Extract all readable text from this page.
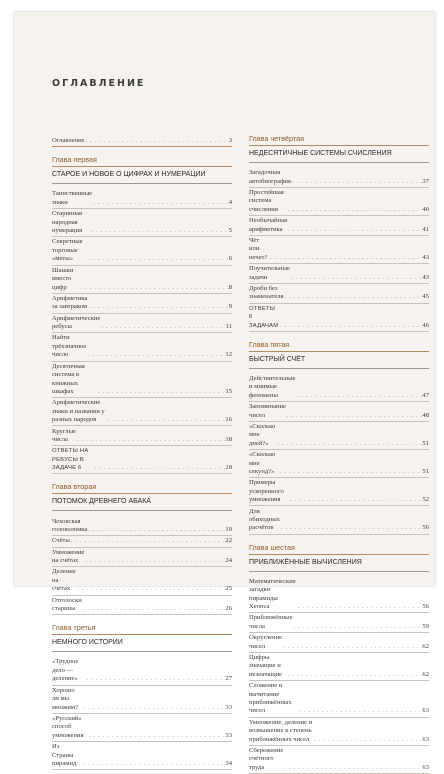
ОГЛАВЛЕНИЕ
Оглавление . . .	3
Глава первая
СТАРОЕ И НОВОЕ О ЦИФРАХ И НУМЕРАЦИИ
Таинственные знаки . . .	4
Старинная народная нумерация . . .	5
Секретные торговые «меты» . . .	6
Шашки вместо цифр . . .	8
Арифметика за завтраком . . .	9
Арифметические ребусы . . .	11
Найти трёхзначное число . . .	12
Десятичная система в книжных шкафах . . .	15
Арифметические знаки и названия у разных народов . . .	16
Круглые числа . . .	18
ОТВЕТЫ НА РЕБУСЫ В ЗАДАЧЕ 6 . . .	18
Глава вторая
ПОТОМОК ДРЕВНЕГО АБАКА
Чеховская головоломка . . .	19
Счёты . . .	22
Умножение на счётах . . .	24
Деление на счётах . . .	25
Отголоски старины . . .	26
Глава третья
НЕМНОГО ИСТОРИИ
«Трудное дело — деление» . . .	27
Хорошо ли мы множим? . . .	33
«Русский» способ умножения . . .	33
Из Страны пирамид . . .	34
Глава четвёртая
НЕДЕСЯТИЧНЫЕ СИСТЕМЫ СЧИСЛЕНИЯ
Загадочная автобиография . . .	37
Простейшая система счисления . . .	40
Необычайная арифметика . . .	41
Чёт или нечет? . . .	43
Поучительные задачи . . .	43
Дроби без знаменателя . . .	45
ОТВЕТЫ К ЗАДАЧАМ . . .	46
Глава пятая
БЫСТРЫЙ СЧЁТ
Действительные и мнимые феномены . . .	47
Запоминание чисел . . .	48
«Сколько мне дней?» . . .	51
«Сколько мне секунд?» . . .	51
Примеры ускоренного умножения . . .	52
Для обиходных расчётов . . .	56
Глава шестая
ПРИБЛИЖЁННЫЕ ВЫЧИСЛЕНИЯ
Математические загадки пирамиды Хеопса . . .	56
Приближённые числа . . .	59
Округление чисел . . .	62
Цифры значащие и незначащие . . .	62
Сложение и вычитание приближённых чисел . . .	63
Умножение, деление и возвышение в степень приближённых чисел . . .	63
Сбережение счётного труда . . .	63
